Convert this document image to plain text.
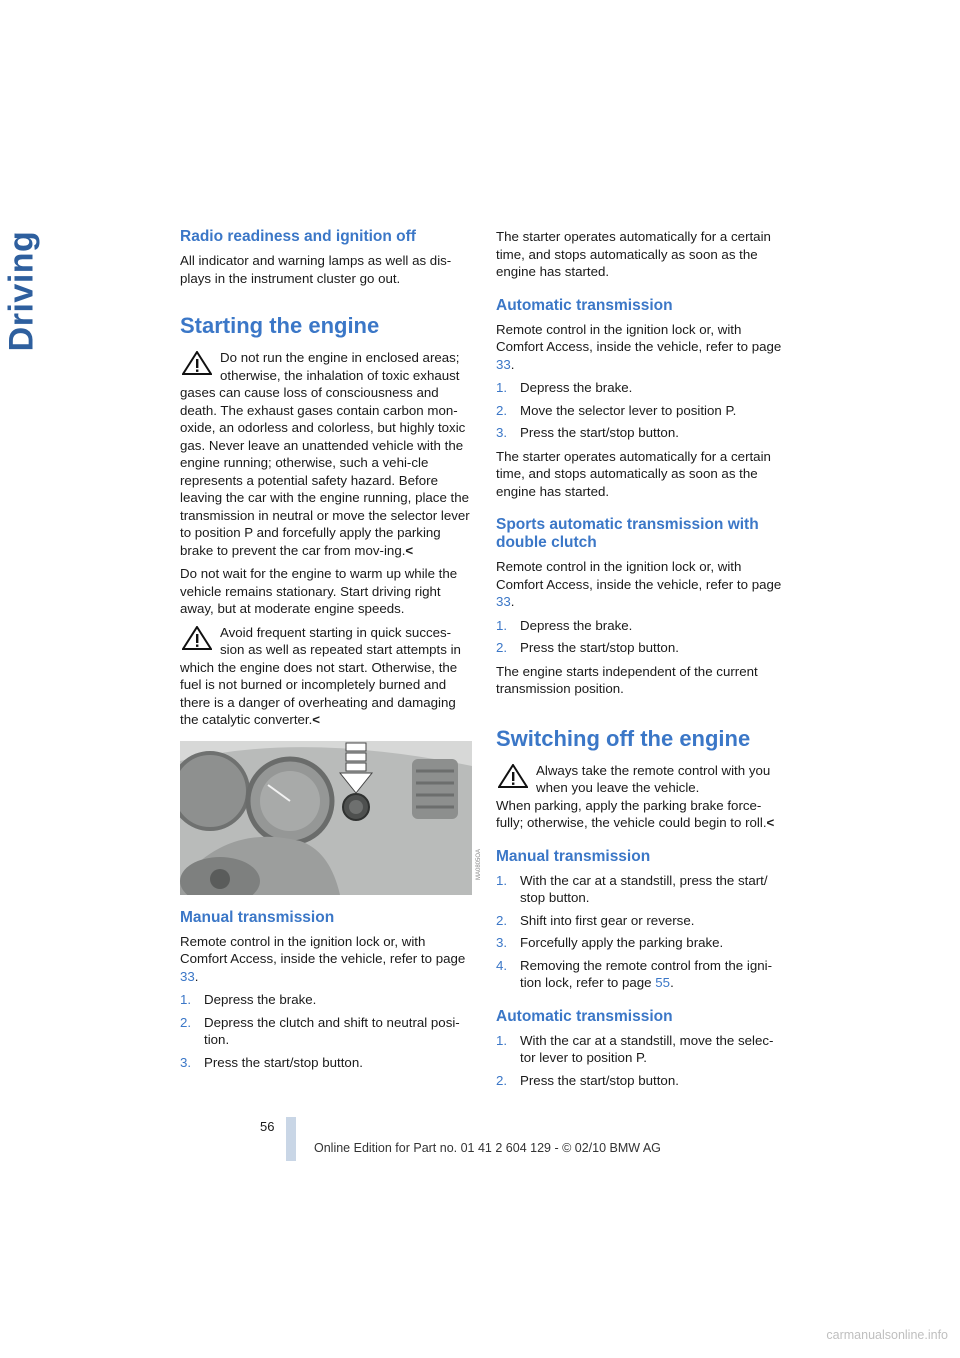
Driving	Radio readiness and ignition off

All indicator and warning lamps as well as dis-plays in the instrument cluster go out.

Starting the engine
Do not run the engine in enclosed areas; otherwise, the inhalation of toxic exhaust gases can cause loss of consciousness and death. The exhaust gases contain carbon mon-oxide, an odorless and colorless, but highly toxic gas. Never leave an unattended vehicle with the engine running; otherwise, such a vehi-cle represents a potential safety hazard. Before leaving the car with the engine running, place the transmission in neutral or move the selector lever to position P and forcefully apply the parking brake to prevent the car from mov-ing.<

Do not wait for the engine to warm up while the vehicle remains stationary. Start driving right away, but at moderate engine speeds.

Avoid frequent starting in quick succes-sion as well as repeated start attempts in which the engine does not start. Otherwise, the fuel is not burned or incompletely burned and there is a danger of overheating and damaging the catalytic converter.<
Manual transmission

Remote control in the ignition lock or, with Comfort Access, inside the vehicle, refer to page 33.

1. Depress the brake.
2. Depress the clutch and shift to neutral posi-tion.
3. Press the start/stop button.
MA0805OA

The starter operates automatically for a certain time, and stops automatically as soon as the engine has started.

Automatic transmission

Remote control in the ignition lock or, with Comfort Access, inside the vehicle, refer to page 33.

1. Depress the brake.
2. Move the selector lever to position P.
3. Press the start/stop button.

The starter operates automatically for a certain time, and stops automatically as soon as the engine has started.

Sports automatic transmission with double clutch

Remote control in the ignition lock or, with Comfort Access, inside the vehicle, refer to page 33.

1. Depress the brake.
2. Press the start/stop button.

The engine starts independent of the current transmission position.

Switching off the engine
Always take the remote control with you when you leave the vehicle.
When parking, apply the parking brake force-fully; otherwise, the vehicle could begin to roll.<
Manual transmission
1. With the car at a standstill, press the start/ stop button.
2. Shift into first gear or reverse.
3. Forcefully apply the parking brake.
4. Removing the remote control from the igni-tion lock, refer to page 55.
Automatic transmission
1. With the car at a standstill, move the selec-tor lever to position P.
2. Press the start/stop button.
56
Online Edition for Part no. 01 41 2 604 129 - © 02/10 BMW AG
carmanualsonline.info
